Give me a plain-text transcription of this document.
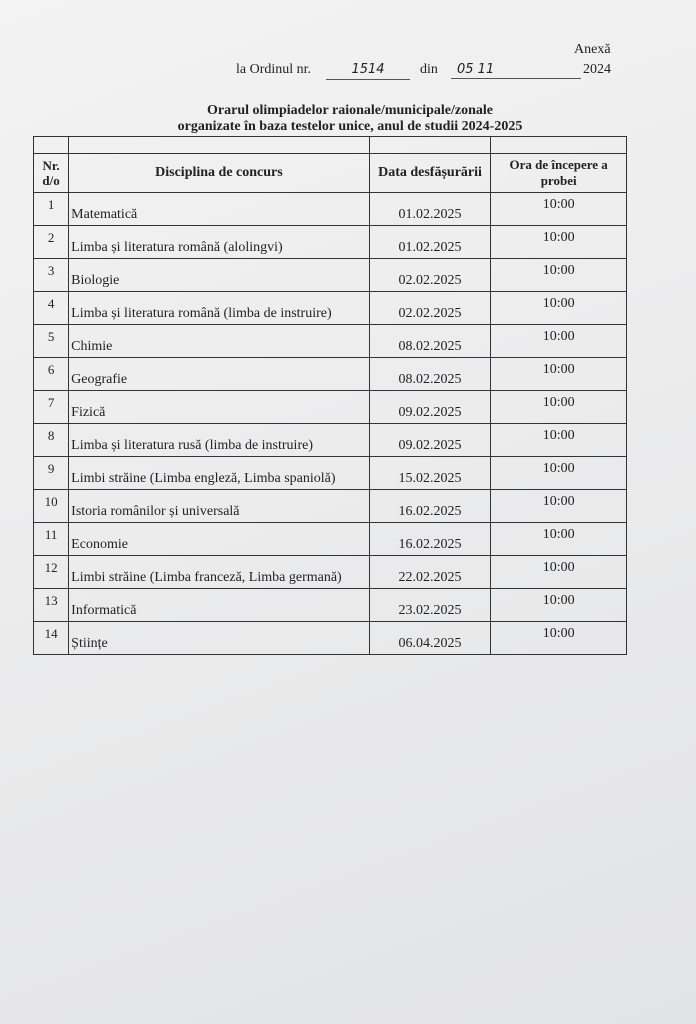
Anexă
la Ordinul nr.	1514	din	05 11	2024
Orarul olimpiadelor raionale/municipale/zonale
organizate în baza testelor unice, anul de studii 2024-2025

Nr. d/o	Disciplina de concurs	Data desfășurării	Ora de începere a probei
1	Matematică	01.02.2025	10:00
2	Limba și literatura română (alolingvi)	01.02.2025	10:00
3	Biologie	02.02.2025	10:00
4	Limba și literatura română (limba de instruire)	02.02.2025	10:00
5	Chimie	08.02.2025	10:00
6	Geografie	08.02.2025	10:00
7	Fizică	09.02.2025	10:00
8	Limba și literatura rusă (limba de instruire)	09.02.2025	10:00
9	Limbi străine (Limba engleză, Limba spaniolă)	15.02.2025	10:00
10	Istoria românilor și universală	16.02.2025	10:00
11	Economie	16.02.2025	10:00
12	Limbi străine (Limba franceză, Limba germană)	22.02.2025	10:00
13	Informatică	23.02.2025	10:00
14	Științe	06.04.2025	10:00
